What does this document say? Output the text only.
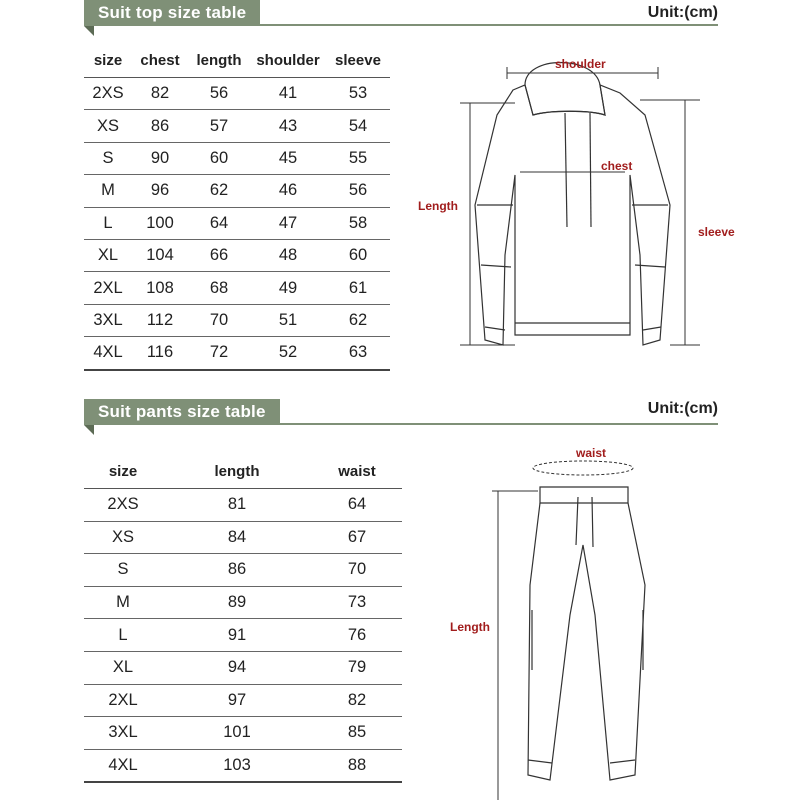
Suit top size table	Unit:(cm)
size	chest	length	shoulder	sleeve
2XS	82	56	41	53
XS	86	57	43	54
S	90	60	45	55
M	96	62	46	56
L	100	64	47	58
XL	104	66	48	60
2XL	108	68	49	61
3XL	112	70	51	62
4XL	116	72	52	63
shoulder
chest
Length
sleeve
Suit pants size table	Unit:(cm)
size	length	waist
2XS	81	64
XS	84	67
S	86	70
M	89	73
L	91	76
XL	94	79
2XL	97	82
3XL	101	85
4XL	103	88
waist
Length
